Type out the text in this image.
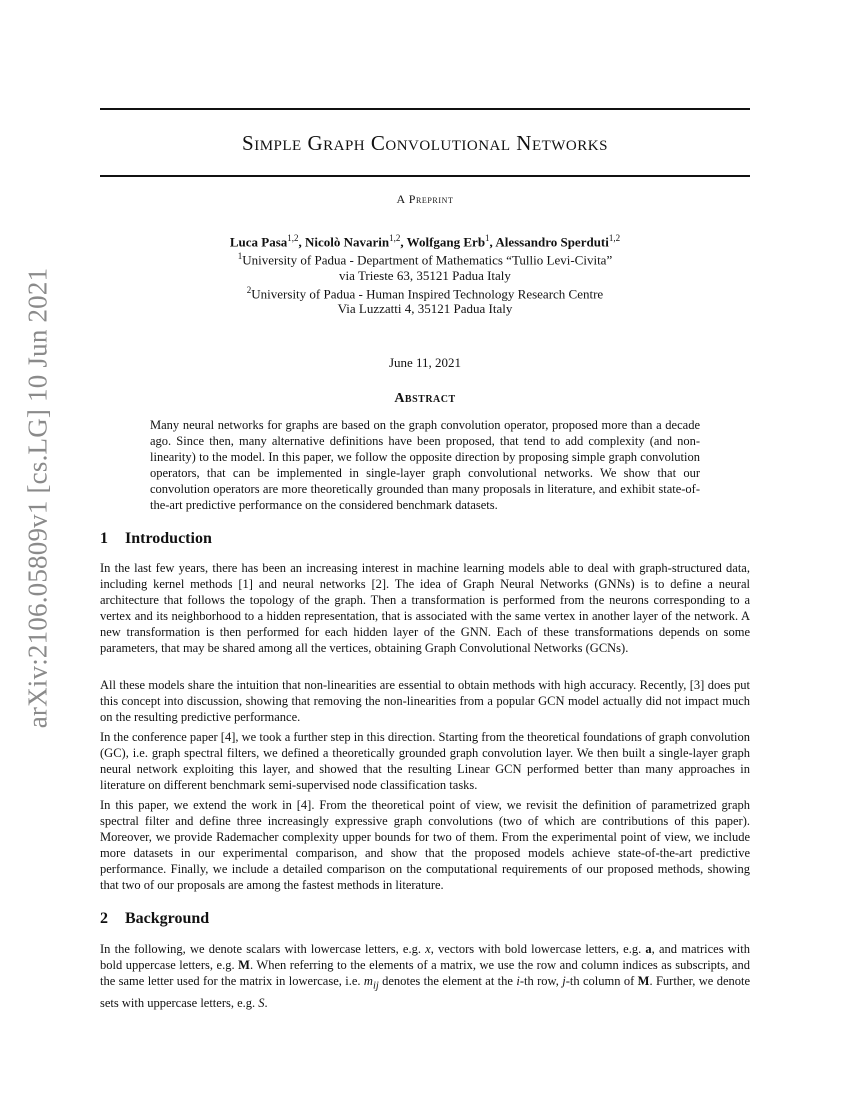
arXiv:2106.05809v1 [cs.LG] 10 Jun 2021
Simple Graph Convolutional Networks
A Preprint
Luca Pasa$^{1,2}$, Nicolò Navarin$^{1,2}$, Wolfgang Erb$^1$, Alessandro Sperduti$^{1,2}$
$^1$University of Padua - Department of Mathematics “Tullio Levi-Civita”
via Trieste 63, 35121 Padua Italy
$^2$University of Padua - Human Inspired Technology Research Centre
Via Luzzatti 4, 35121 Padua Italy
June 11, 2021
Abstract

Many neural networks for graphs are based on the graph convolution operator, proposed more than a decade ago. Since then, many alternative definitions have been proposed, that tend to add complexity (and non-linearity) to the model. In this paper, we follow the opposite direction by proposing simple graph convolution operators, that can be implemented in single-layer graph convolutional networks. We show that our convolution operators are more theoretically grounded than many proposals in literature, and exhibit state-of-the-art predictive performance on the considered benchmark datasets.

1 Introduction

In the last few years, there has been an increasing interest in machine learning models able to deal with graph-structured data, including kernel methods [1] and neural networks [2]. The idea of Graph Neural Networks (GNNs) is to define a neural architecture that follows the topology of the graph. Then a transformation is performed from the neurons corresponding to a vertex and its neighborhood to a hidden representation, that is associated with the same vertex in another layer of the network. A new transformation is then performed for each hidden layer of the GNN. Each of these transformations depends on some parameters, that may be shared among all the vertices, obtaining Graph Convolutional Networks (GCNs).

All these models share the intuition that non-linearities are essential to obtain methods with high accuracy. Recently, [3] does put this concept into discussion, showing that removing the non-linearities from a popular GCN model actually did not impact much on the resulting predictive performance.

In the conference paper [4], we took a further step in this direction. Starting from the theoretical foundations of graph convolution (GC), i.e. graph spectral filters, we defined a theoretically grounded graph convolution layer. We then built a single-layer graph neural network exploiting this layer, and showed that the resulting Linear GCN performed better than many approaches in literature on different benchmark semi-supervised node classification tasks.

In this paper, we extend the work in [4]. From the theoretical point of view, we revisit the definition of parametrized graph spectral filter and define three increasingly expressive graph convolutions (two of which are contributions of this paper). Moreover, we provide Rademacher complexity upper bounds for two of them. From the experimental point of view, we include more datasets in our experimental comparison, and show that the proposed models achieve state-of-the-art predictive performance. Finally, we include a detailed comparison on the computational requirements of our proposed methods, showing that two of our proposals are among the fastest methods in literature.

2 Background

In the following, we denote scalars with lowercase letters, e.g. x, vectors with bold lowercase letters, e.g. a, and matrices with bold uppercase letters, e.g. M. When referring to the elements of a matrix, we use the row and column indices as subscripts, and the same letter used for the matrix in lowercase, i.e. $m_{ij}$ denotes the element at the i-th row, j-th column of M. Further, we denote sets with uppercase letters, e.g. S.
